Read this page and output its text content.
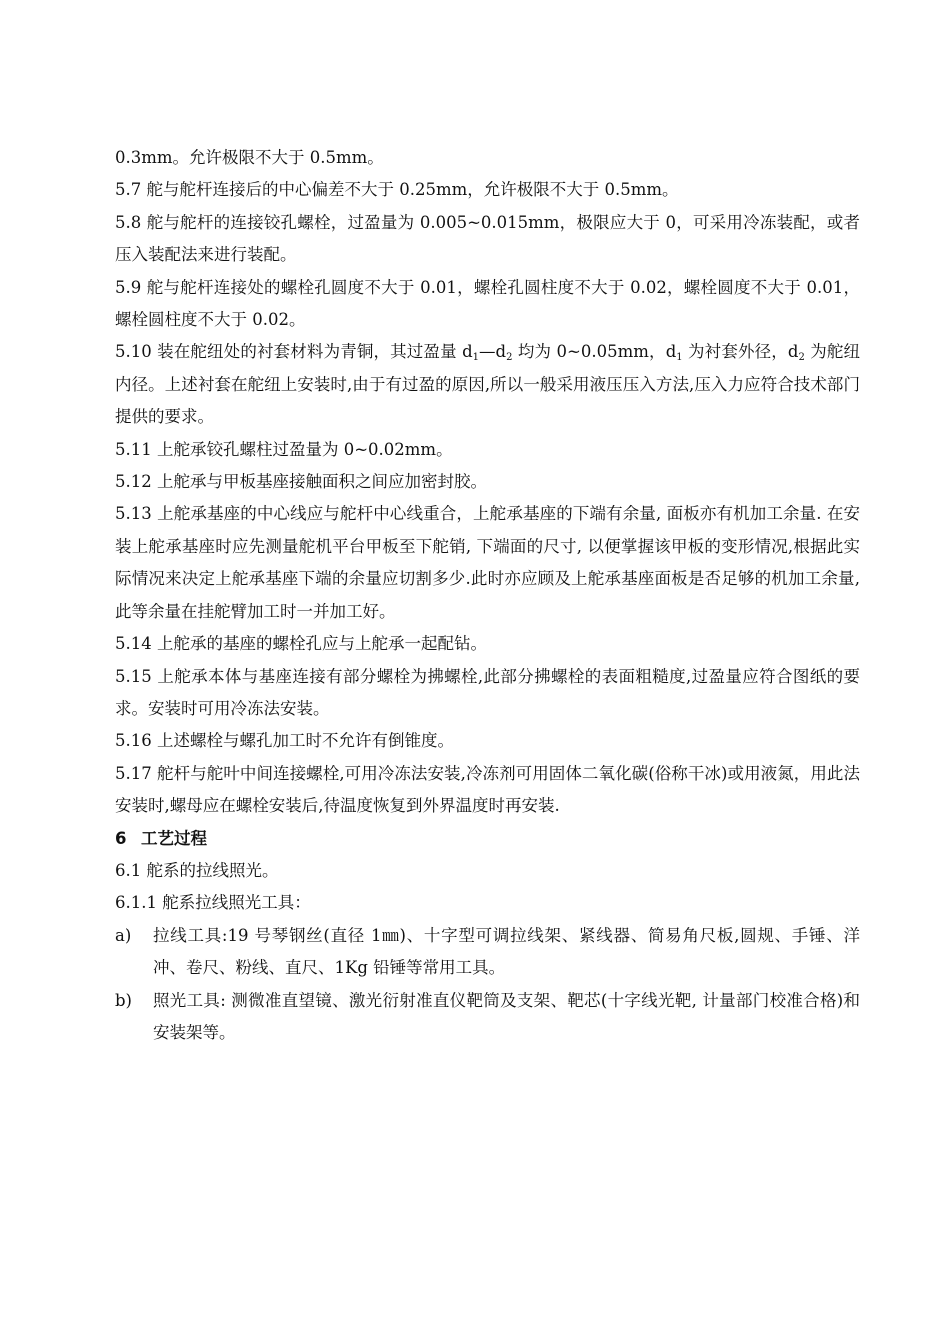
0.3mm。允许极限不大于 0.5mm。

5.7 舵与舵杆连接后的中心偏差不大于 0.25mm，允许极限不大于 0.5mm。

5.8 舵与舵杆的连接铰孔螺栓，过盈量为 0.005~0.015mm，极限应大于 0，可采用冷冻装配，或者压入装配法来进行装配。

5.9 舵与舵杆连接处的螺栓孔圆度不大于 0.01，螺栓孔圆柱度不大于 0.02，螺栓圆度不大于 0.01，螺栓圆柱度不大于 0.02。

5.10 装在舵纽处的衬套材料为青铜，其过盈量 $d_1—d_2$ 均为 0~0.05mm，$d_1$ 为衬套外径，$d_2$ 为舵纽内径。上述衬套在舵纽上安装时,由于有过盈的原因,所以一般采用液压压入方法,压入力应符合技术部门提供的要求。

5.11 上舵承铰孔螺柱过盈量为 0~0.02mm。

5.12 上舵承与甲板基座接触面积之间应加密封胶。

5.13 上舵承基座的中心线应与舵杆中心线重合，上舵承基座的下端有余量, 面板亦有机加工余量. 在安装上舵承基座时应先测量舵机平台甲板至下舵销, 下端面的尺寸, 以便掌握该甲板的变形情况,根据此实际情况来决定上舵承基座下端的余量应切割多少.此时亦应顾及上舵承基座面板是否足够的机加工余量,此等余量在挂舵臂加工时一并加工好。

5.14 上舵承的基座的螺栓孔应与上舵承一起配钻。

5.15 上舵承本体与基座连接有部分螺栓为拂螺栓,此部分拂螺栓的表面粗糙度,过盈量应符合图纸的要求。安装时可用冷冻法安装。

5.16 上述螺栓与螺孔加工时不允许有倒锥度。

5.17 舵杆与舵叶中间连接螺栓,可用冷冻法安装,冷冻剂可用固体二氧化碳(俗称干冰)或用液氮，用此法安装时,螺母应在螺栓安装后,待温度恢复到外界温度时再安装.

6 工艺过程

6.1 舵系的拉线照光。

6.1.1 舵系拉线照光工具：

a) 拉线工具:19 号琴钢丝(直径 1㎜)、十字型可调拉线架、紧线器、简易角尺板,圆规、手锤、洋冲、卷尺、粉线、直尺、1Kg 铅锤等常用工具。

b) 照光工具: 测微准直望镜、激光衍射准直仪靶筒及支架、靶芯(十字线光靶, 计量部门校准合格)和安装架等。
